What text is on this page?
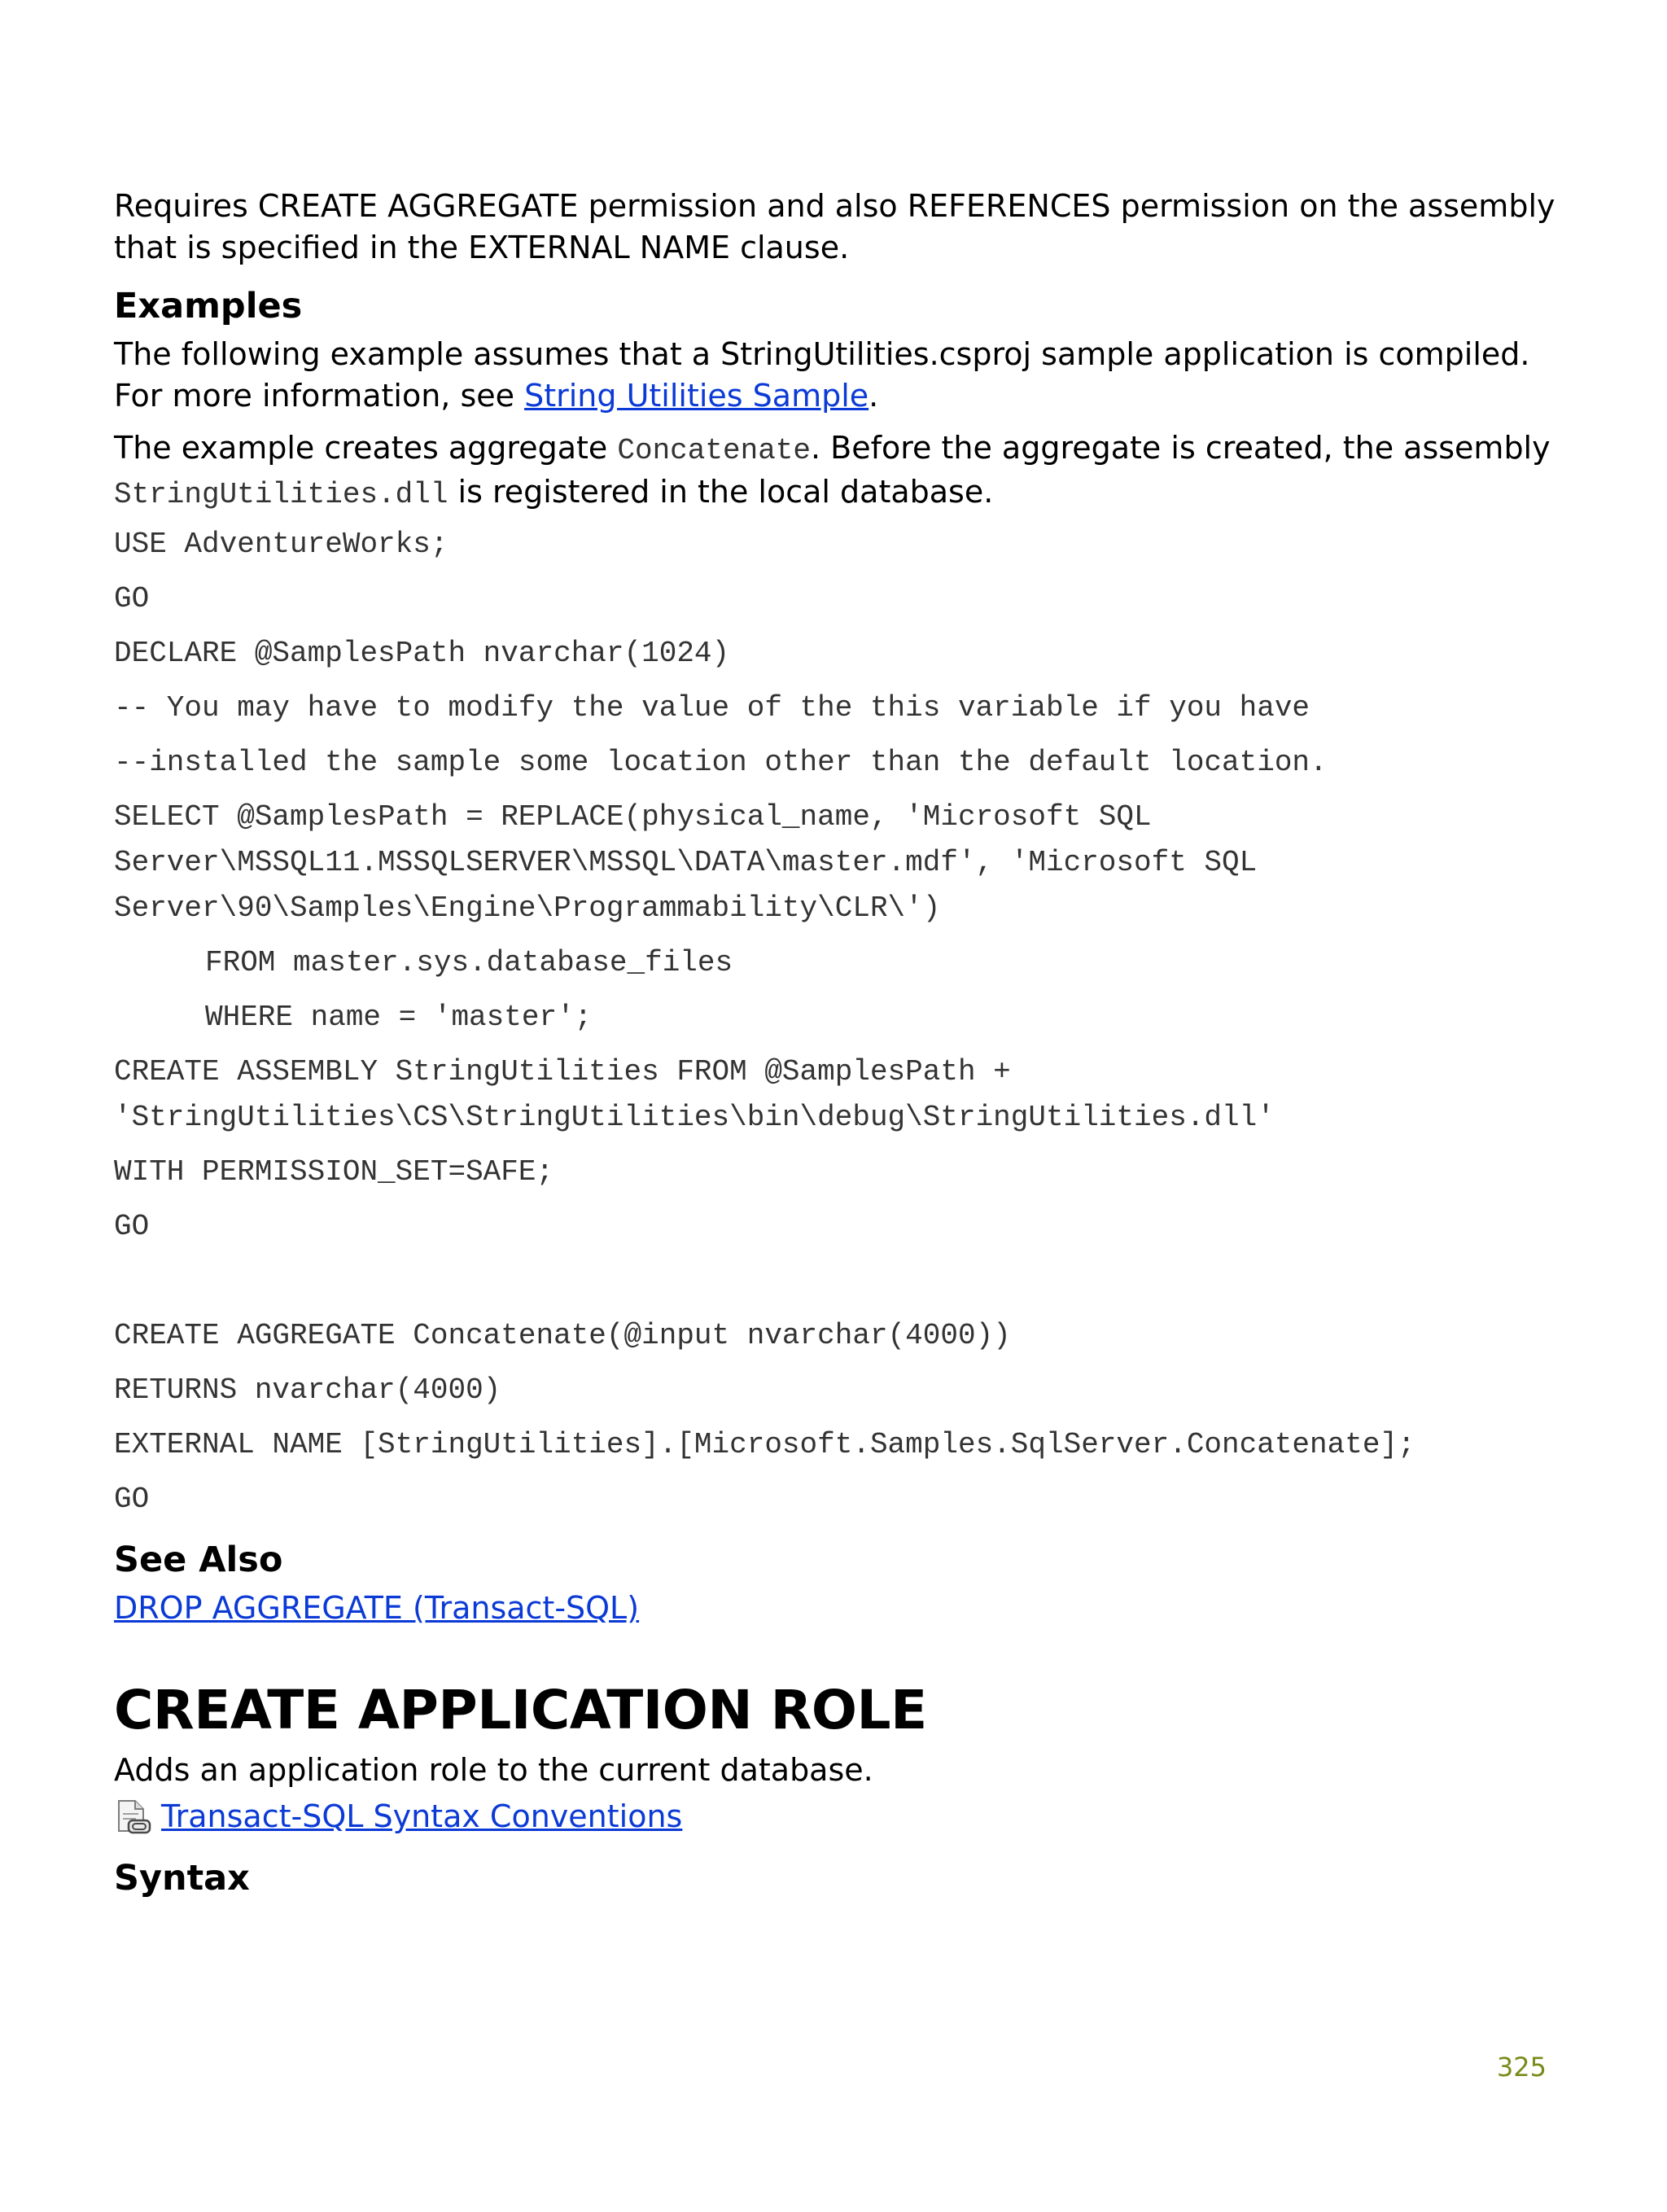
Requires CREATE AGGREGATE permission and also REFERENCES permission on the assembly that is specified in the EXTERNAL NAME clause.

Examples

The following example assumes that a StringUtilities.csproj sample application is compiled. For more information, see String Utilities Sample.

The example creates aggregate Concatenate. Before the aggregate is created, the assembly StringUtilities.dll is registered in the local database.

USE AdventureWorks;
GO
DECLARE @SamplesPath nvarchar(1024)
-- You may have to modify the value of the this variable if you have
--installed the sample some location other than the default location.
SELECT @SamplesPath = REPLACE(physical_name, 'Microsoft SQL
Server\MSSQL11.MSSQLSERVER\MSSQL\DATA\master.mdf', 'Microsoft SQL
Server\90\Samples\Engine\Programmability\CLR\')
FROM master.sys.database_files
WHERE name = 'master';
CREATE ASSEMBLY StringUtilities FROM @SamplesPath +
'StringUtilities\CS\StringUtilities\bin\debug\StringUtilities.dll'
WITH PERMISSION_SET=SAFE;
GO
CREATE AGGREGATE Concatenate(@input nvarchar(4000))
RETURNS nvarchar(4000)
EXTERNAL NAME [StringUtilities].[Microsoft.Samples.SqlServer.Concatenate];
GO
See Also

DROP AGGREGATE (Transact-SQL)

CREATE APPLICATION ROLE

Adds an application role to the current database.

Transact-SQL Syntax Conventions
Syntax
325
